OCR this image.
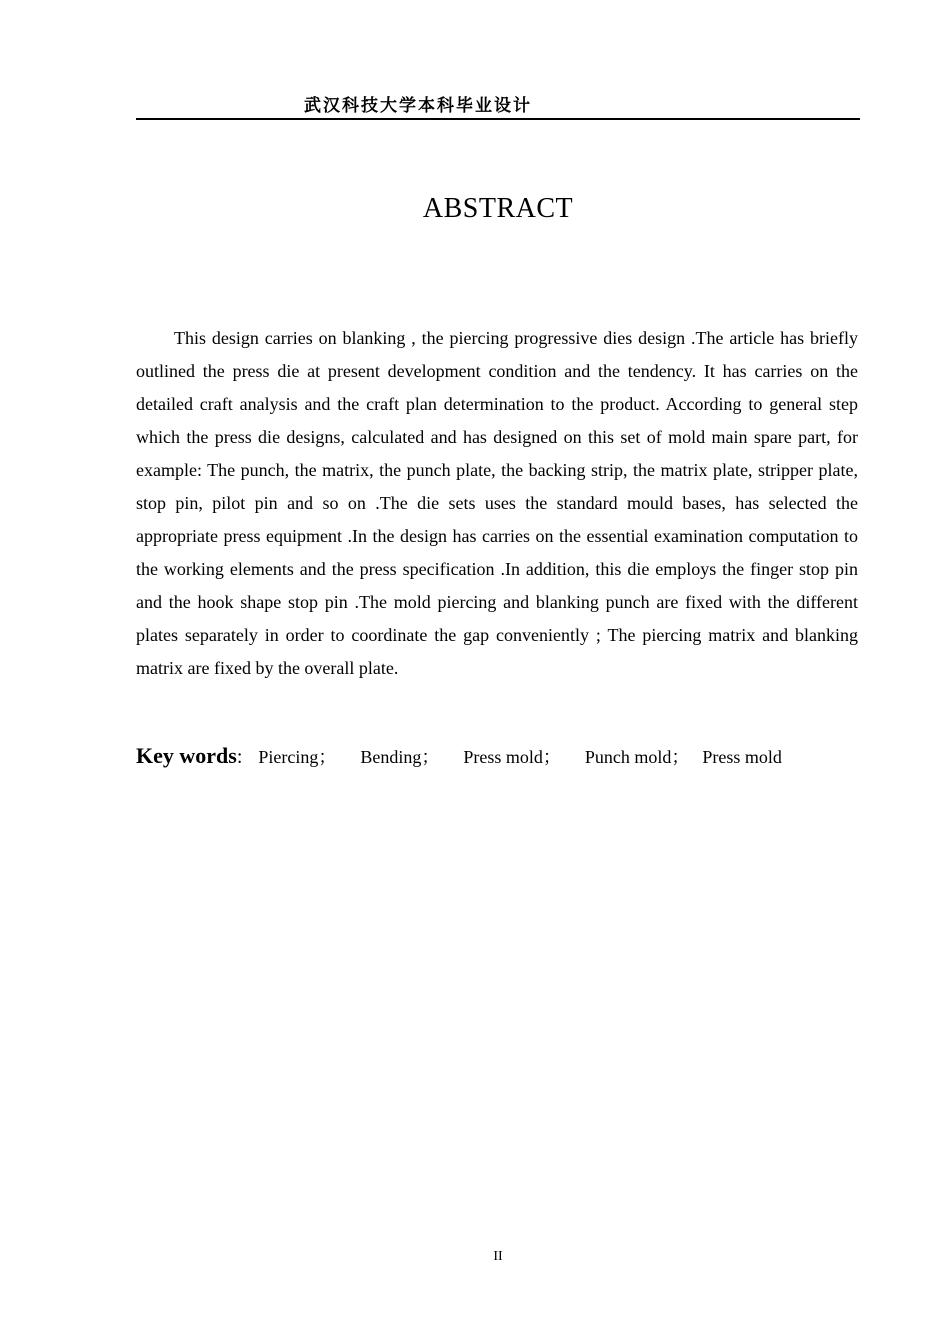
武汉科技大学本科毕业设计
ABSTRACT

This design carries on blanking , the piercing progressive dies design .The article has briefly outlined the press die at present development condition and the tendency. It has carries on the detailed craft analysis and the craft plan determination to the product. According to general step which the press die designs, calculated and has designed on this set of mold main spare part, for example: The punch, the matrix, the punch plate, the backing strip, the matrix plate, stripper plate, stop pin, pilot pin and so on .The die sets uses the standard mould bases, has selected the appropriate press equipment .In the design has carries on the essential examination computation to the working elements and the press specification .In addition, this die employs the finger stop pin and the hook shape stop pin .The mold piercing and blanking punch are fixed with the different plates separately in order to coordinate the gap conveniently ; The piercing matrix and blanking matrix are fixed by the overall plate.

Key words: Piercing； Bending； Press mold； Punch mold； Press mold
II
